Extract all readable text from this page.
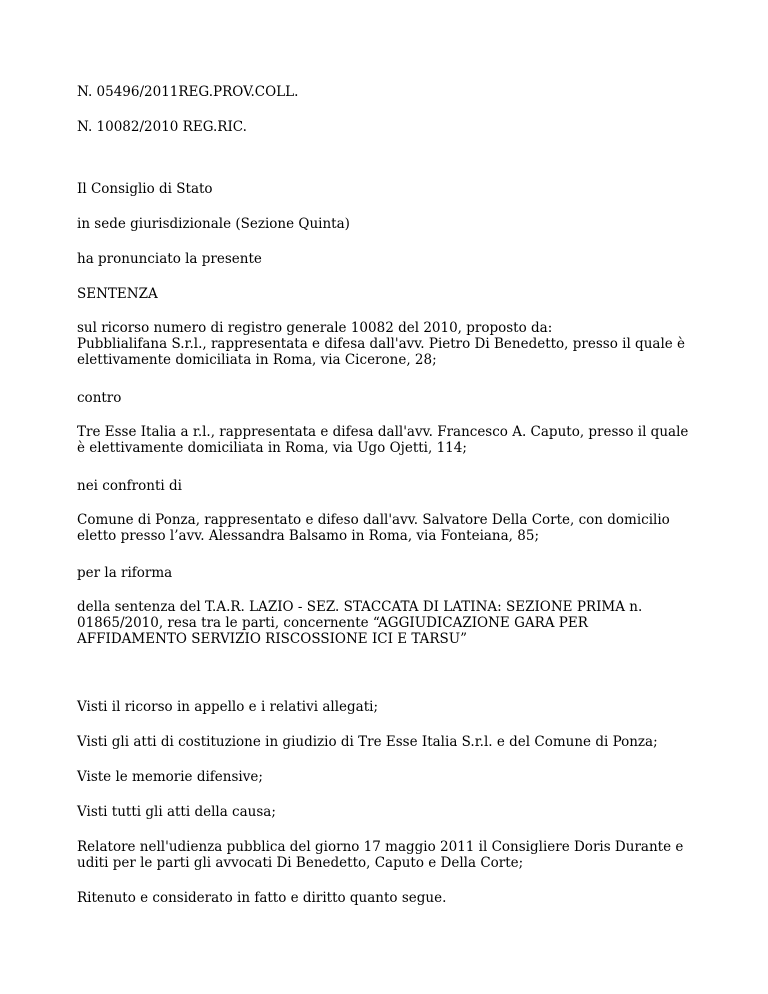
N. 05496/2011REG.PROV.COLL.

N. 10082/2010 REG.RIC.

Il Consiglio di Stato

in sede giurisdizionale (Sezione Quinta)

ha pronunciato la presente

SENTENZA

sul ricorso numero di registro generale 10082 del 2010, proposto da:
Pubblialifana S.r.l., rappresentata e difesa dall'avv. Pietro Di Benedetto, presso il quale è
elettivamente domiciliata in Roma, via Cicerone, 28;

contro

Tre Esse Italia a r.l., rappresentata e difesa dall'avv. Francesco A. Caputo, presso il quale
è elettivamente domiciliata in Roma, via Ugo Ojetti, 114;

nei confronti di

Comune di Ponza, rappresentato e difeso dall'avv. Salvatore Della Corte, con domicilio
eletto presso l’avv. Alessandra Balsamo in Roma, via Fonteiana, 85;

per la riforma

della sentenza del T.A.R. LAZIO - SEZ. STACCATA DI LATINA: SEZIONE PRIMA n.
01865/2010, resa tra le parti, concernente “AGGIUDICAZIONE GARA PER
AFFIDAMENTO SERVIZIO RISCOSSIONE ICI E TARSU”

Visti il ricorso in appello e i relativi allegati;

Visti gli atti di costituzione in giudizio di Tre Esse Italia S.r.l. e del Comune di Ponza;

Viste le memorie difensive;

Visti tutti gli atti della causa;

Relatore nell'udienza pubblica del giorno 17 maggio 2011 il Consigliere Doris Durante e
uditi per le parti gli avvocati Di Benedetto, Caputo e Della Corte;

Ritenuto e considerato in fatto e diritto quanto segue.
